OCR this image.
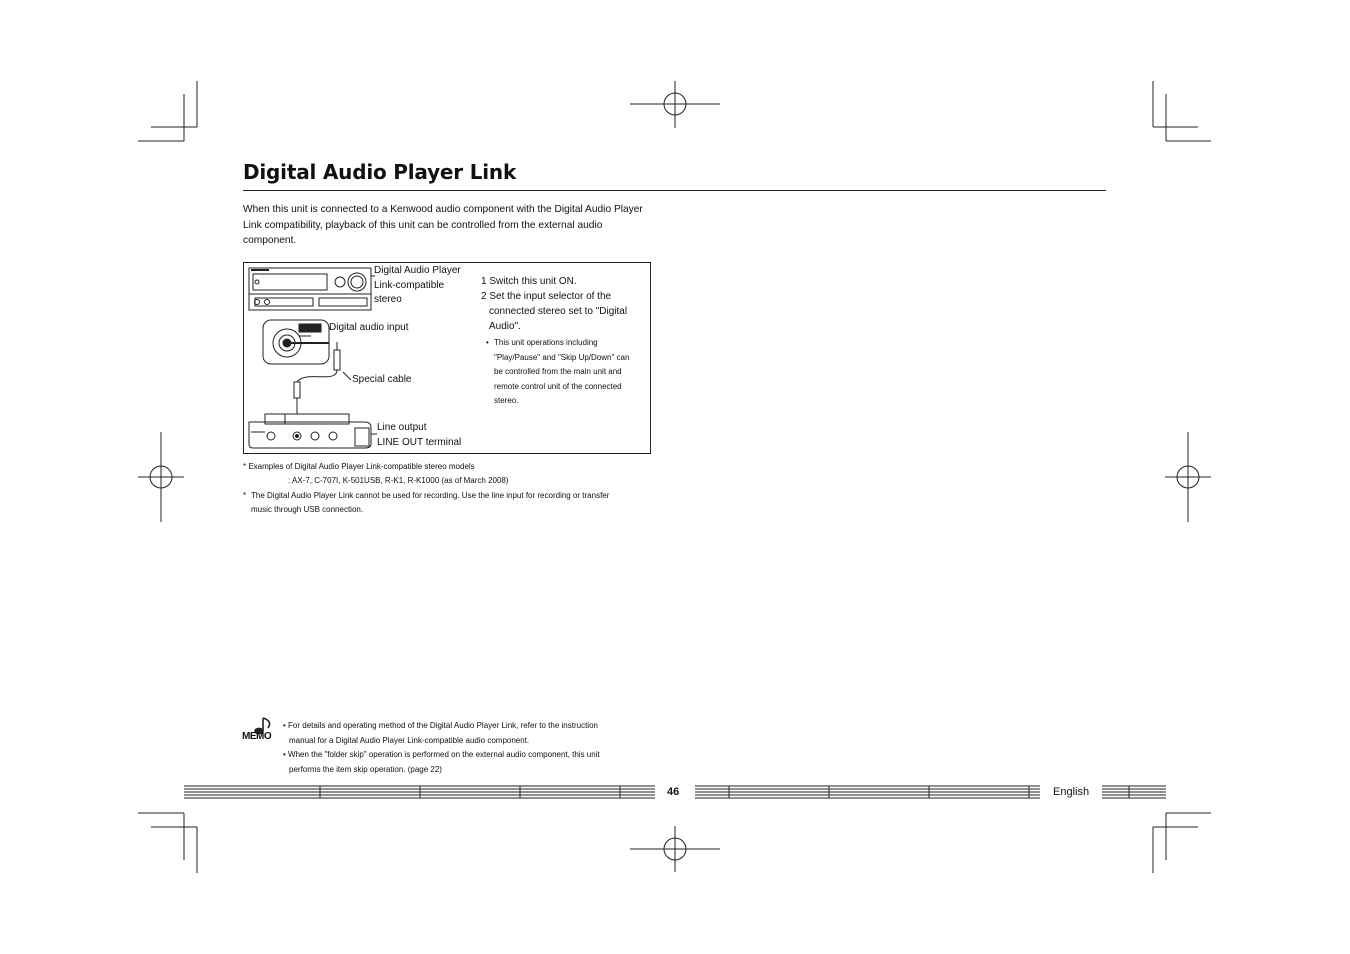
Digital Audio Player Link
When this unit is connected to a Kenwood audio component with the Digital Audio Player Link compatibility, playback of this unit can be controlled from the external audio component.
Digital Audio Player
Link-compatible
stereo
Digital audio input
Special cable
Line output
LINE OUT terminal
1 Switch this unit ON.
2 Set the input selector of the
connected stereo set to "Digital
Audio".
• This unit operations including
"Play/Pause" and "Skip Up/Down" can
be controlled from the main unit and
remote control unit of the connected
stereo.
* Examples of Digital Audio Player Link-compatible stereo models
: AX-7, C-707I, K-501USB, R-K1, R-K1000 (as of March 2008)
* The Digital Audio Player Link cannot be used for recording. Use the line input for recording or transfer
music through USB connection.
MEMO
• For details and operating method of the Digital Audio Player Link, refer to the instruction
manual for a Digital Audio Player Link-compatible audio component.
• When the "folder skip" operation is performed on the external audio component, this unit
performs the item skip operation. (page 22)
46	English
